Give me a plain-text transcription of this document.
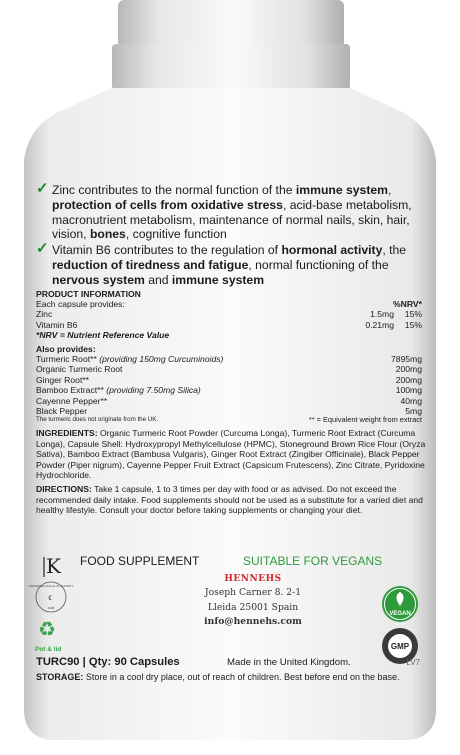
✓ Zinc contributes to the normal function of the immune system, protection of cells from oxidative stress, acid-base metabolism, macronutrient metabolism, maintenance of normal nails, skin, hair, vision, bones, cognitive function
✓ Vitamin B6 contributes to the regulation of hormonal activity, the reduction of tiredness and fatigue, normal functioning of the nervous system and immune system
PRODUCT INFORMATION
Each capsule provides:	%NRV*
Zinc	1.5mg 15%
Vitamin B6	0.21mg 15%
*NRV = Nutrient Reference Value
Also provides:
Turmeric Root** (providing 150mg Curcuminoids)	7895mg
Organic Turmeric Root	200mg
Ginger Root**	200mg
Bamboo Extract** (providing 7.50mg Silica)	100mg
Cayenne Pepper**	40mg
Black Pepper	5mg
The turmeric does not originate from the UK.	** = Equivalent weight from extract
INGREDIENTS: Organic Turmeric Root Powder (Curcuma Longa), Turmeric Root Extract (Curcuma Longa), Capsule Shell: Hydroxypropyl Methylcellulose (HPMC), Stoneground Brown Rice Flour (Oryza Sativa), Bamboo Extract (Bambusa Vulgaris), Ginger Root Extract (Zingiber Officinale), Black Pepper Powder (Piper nigrum), Cayenne Pepper Fruit Extract (Capsicum Frutescens), Zinc Citrate, Pyridoxine Hydrochloride.
DIRECTIONS: Take 1 capsule, 1 to 3 times per day with food or as advised. Do not exceed the recommended daily intake. Food supplements should not be used as a substitute for a varied diet and healthy lifestyle. Consult your doctor before taking supplements or changing your diet.
FOOD SUPPLEMENT	SUITABLE FOR VEGANS
K
UNIVERSAL HALAL AUTHORITY
☾
1998
♻
Pot & lid
HENNEHS
Joseph Carner 8. 2-1
Lleida 25001 Spain
info@hennehs.com
VEGAN
GMP
TURC90 | Qty: 90 Capsules	Made in the United Kingdom.	LV7
STORAGE: Store in a cool dry place, out of reach of children. Best before end on the base.
